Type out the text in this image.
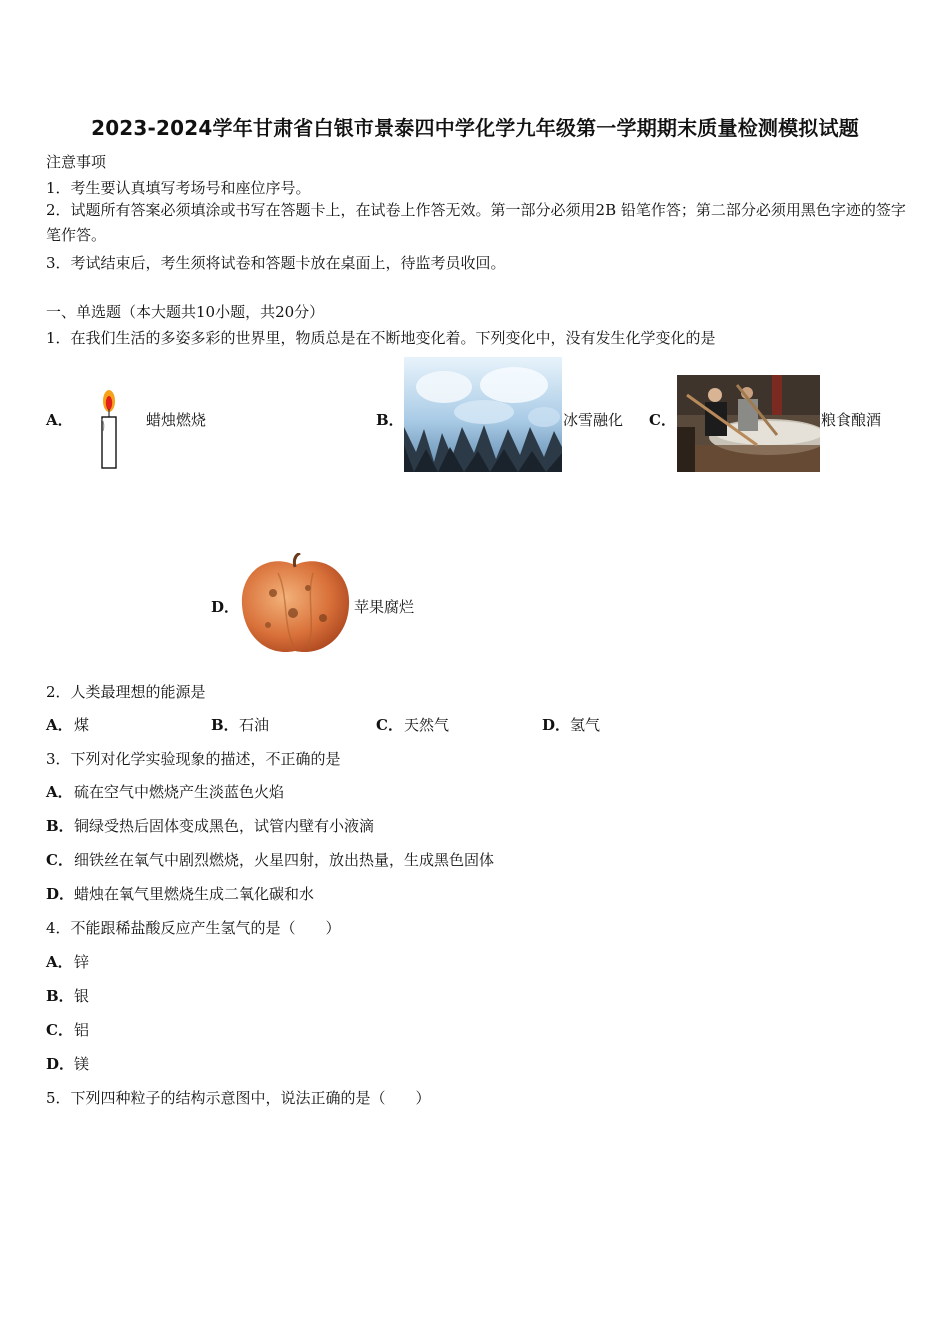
2023-2024学年甘肃省白银市景泰四中学化学九年级第一学期期末质量检测模拟试题
注意事项
1．考生要认真填写考场号和座位序号。
2．试题所有答案必须填涂或书写在答题卡上，在试卷上作答无效。第一部分必须用2B 铅笔作答；第二部分必须用黑色字迹的签字笔作答。
3．考试结束后，考生须将试卷和答题卡放在桌面上，待监考员收回。
一、单选题（本大题共10小题，共20分）
1．在我们生活的多姿多彩的世界里，物质总是在不断地变化着。下列变化中，没有发生化学变化的是
A．	蜡烛燃烧	B．	冰雪融化 C．	粮食酿酒
D．	苹果腐烂
2．人类最理想的能源是
A． 煤	B． 石油	C． 天然气	D． 氢气
3．下列对化学实验现象的描述，不正确的是
A． 硫在空气中燃烧产生淡蓝色火焰
B． 铜绿受热后固体变成黑色，试管内壁有小液滴
C． 细铁丝在氧气中剧烈燃烧，火星四射，放出热量，生成黑色固体
D． 蜡烛在氧气里燃烧生成二氧化碳和水
4．不能跟稀盐酸反应产生氢气的是（　　）
A． 锌
B． 银
C． 铝
D． 镁
5．下列四种粒子的结构示意图中，说法正确的是（　　）
